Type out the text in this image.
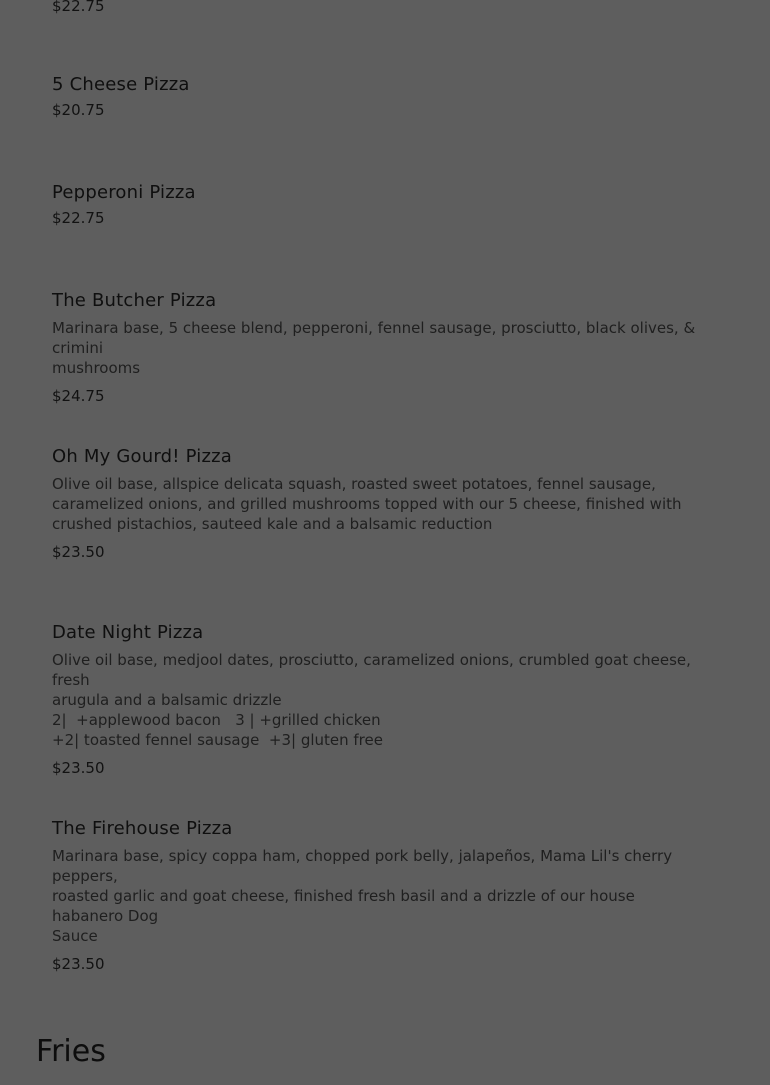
$22.75
5 Cheese Pizza
$20.75
Pepperoni Pizza
$22.75
The Butcher Pizza
Marinara base, 5 cheese blend, pepperoni, fennel sausage, prosciutto, black olives, & crimini
mushrooms
$24.75
Oh My Gourd! Pizza
Olive oil base, allspice delicata squash, roasted sweet potatoes, fennel sausage,
caramelized onions, and grilled mushrooms topped with our 5 cheese, finished with
crushed pistachios, sauteed kale and a balsamic reduction
$23.50
Date Night Pizza
Olive oil base, medjool dates, prosciutto, caramelized onions, crumbled goat cheese, fresh
arugula and a balsamic drizzle
2|  +applewood bacon   3 | +grilled chicken
+2| toasted fennel sausage  +3| gluten free
$23.50
The Firehouse Pizza
Marinara base, spicy coppa ham, chopped pork belly, jalapeños, Mama Lil's cherry peppers,
roasted garlic and goat cheese, finished fresh basil and a drizzle of our house habanero Dog
Sauce
$23.50
Fries
